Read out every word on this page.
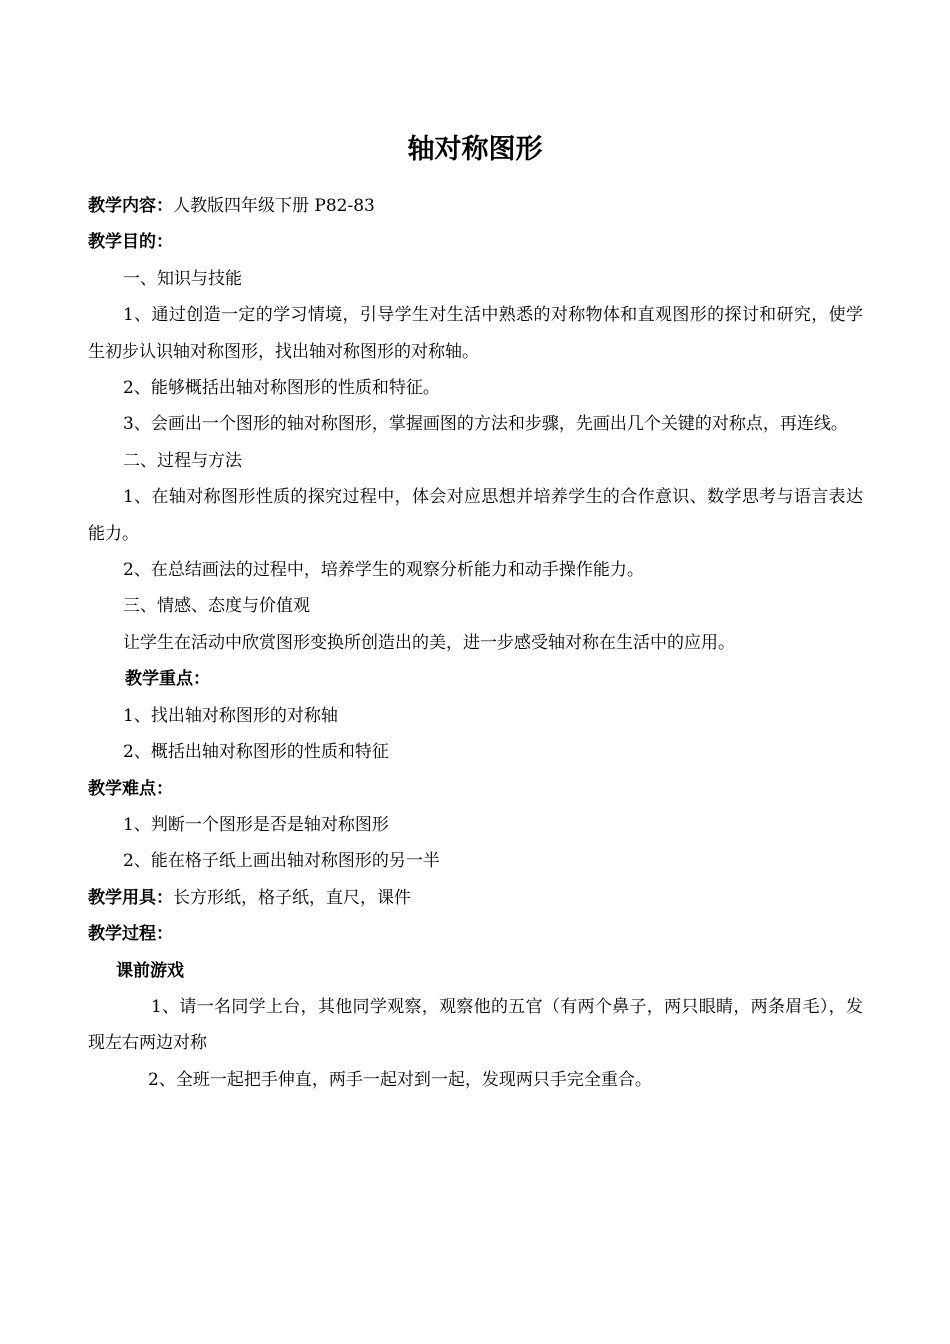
轴对称图形

教学内容：人教版四年级下册 P82-83

教学目的：

一、知识与技能

1、通过创造一定的学习情境，引导学生对生活中熟悉的对称物体和直观图形的探讨和研究，使学生初步认识轴对称图形，找出轴对称图形的对称轴。

2、能够概括出轴对称图形的性质和特征。

3、会画出一个图形的轴对称图形，掌握画图的方法和步骤，先画出几个关键的对称点，再连线。

二、过程与方法

1、在轴对称图形性质的探究过程中，体会对应思想并培养学生的合作意识、数学思考与语言表达能力。

2、在总结画法的过程中，培养学生的观察分析能力和动手操作能力。

三、情感、态度与价值观

让学生在活动中欣赏图形变换所创造出的美，进一步感受轴对称在生活中的应用。

教学重点：

1、找出轴对称图形的对称轴

2、概括出轴对称图形的性质和特征

教学难点：

1、判断一个图形是否是轴对称图形

2、能在格子纸上画出轴对称图形的另一半

教学用具：长方形纸，格子纸，直尺，课件

教学过程：

课前游戏

1、请一名同学上台，其他同学观察，观察他的五官（有两个鼻子，两只眼睛，两条眉毛），发现左右两边对称

2、全班一起把手伸直，两手一起对到一起，发现两只手完全重合。
